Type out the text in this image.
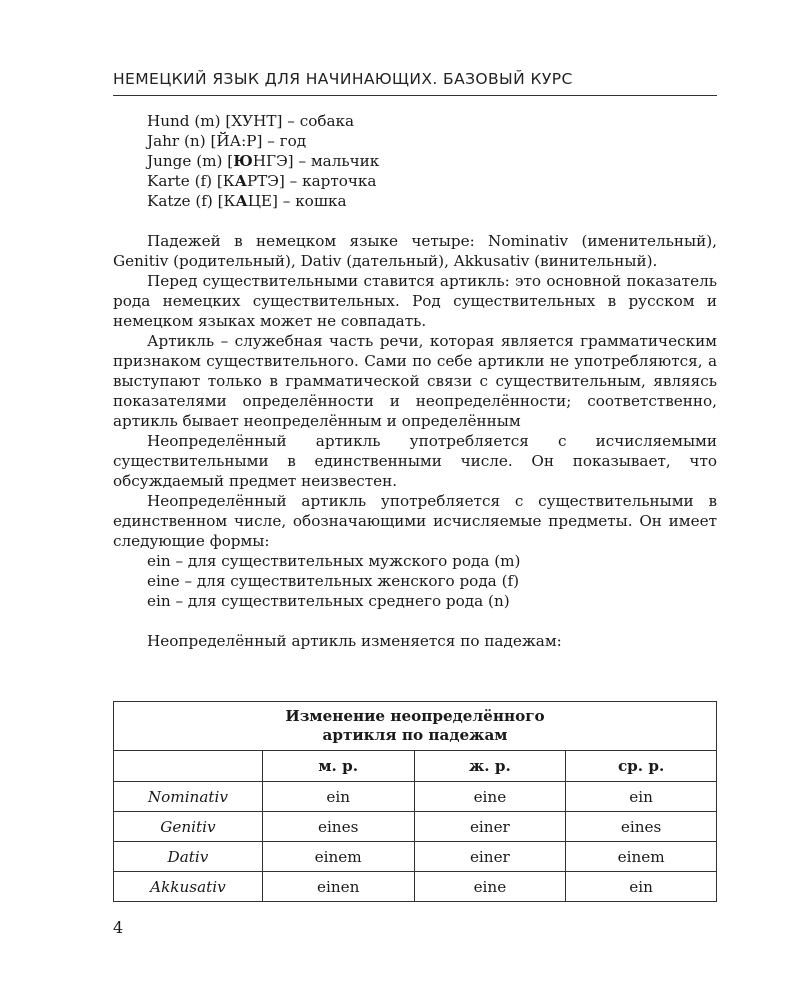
НЕМЕЦКИЙ ЯЗЫК ДЛЯ НАЧИНАЮЩИХ. БАЗОВЫЙ КУРС
Hund (m) [ХУНТ] – собака
Jahr (n) [ЙА:Р] – год
Junge (m) [ЮНГЭ] – мальчик
Karte (f) [КАРТЭ] – карточка
Katze (f) [КАЦЕ] – кошка

Падежей в немецком языке четыре: Nominativ (именительный), Genitiv (родительный), Dativ (дательный), Akkusativ (винительный).

Перед существительными ставится артикль: это основной показатель рода немецких существительных. Род существительных в русском и немецком языках может не совпадать.

Артикль – служебная часть речи, которая является грамматическим признаком существительного. Сами по себе артикли не употребляются, а выступают только в грамматической связи с существительным, являясь показателями определённости и неопределённости; соответственно, артикль бывает неопределённым и определённым

Неопределённый артикль употребляется с исчисляемыми существительными в единственными числе. Он показывает, что обсуждаемый предмет неизвестен.

Неопределённый артикль употребляется с существительными в единственном числе, обозначающими исчисляемые предметы. Он имеет следующие формы:

ein – для существительных мужского рода (m)
eine – для существительных женского рода (f)
ein – для существительных среднего рода (n)

Неопределённый артикль изменяется по падежам:

Изменение неопределённого
артикля по падежам			
	м. р.	ж. р.	ср. р.
Nominativ	ein	eine	ein
Genitiv	eines	einer	eines
Dativ	einem	einer	einem
Akkusativ	einen	eine	ein
4
